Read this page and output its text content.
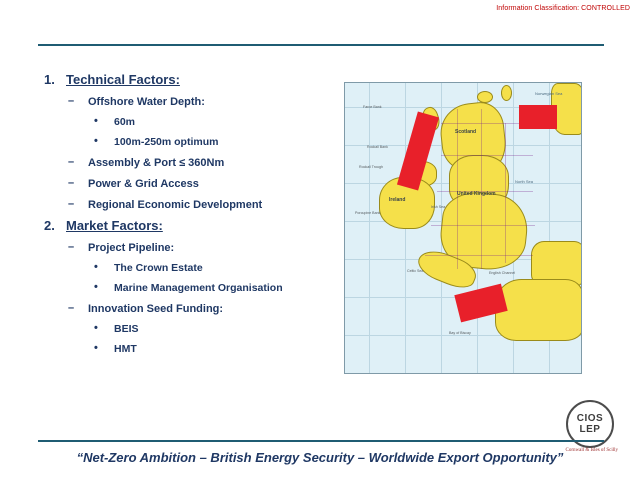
Information Classification: CONTROLLED
Technical Factors:
– Offshore Water Depth:
• 60m
• 100m-250m optimum
– Assembly & Port ≤ 360Nm
– Power & Grid Access
– Regional Economic Development
Market Factors:
– Project Pipeline:
• The Crown Estate
• Marine Management Organisation
– Innovation Seed Funding:
• BEIS
• HMT
United Kingdom
Ireland
Scotland
North Sea
Norwegian Sea
Faroe Bank
Rockall Bank
Rockall Trough
Porcupine Bank
Celtic Sea
Bay of Biscay
English Channel
Irish Sea
CIOS
LEP
Cornwall & Isles of Scilly
“Net-Zero Ambition – British Energy Security – Worldwide Export Opportunity”
